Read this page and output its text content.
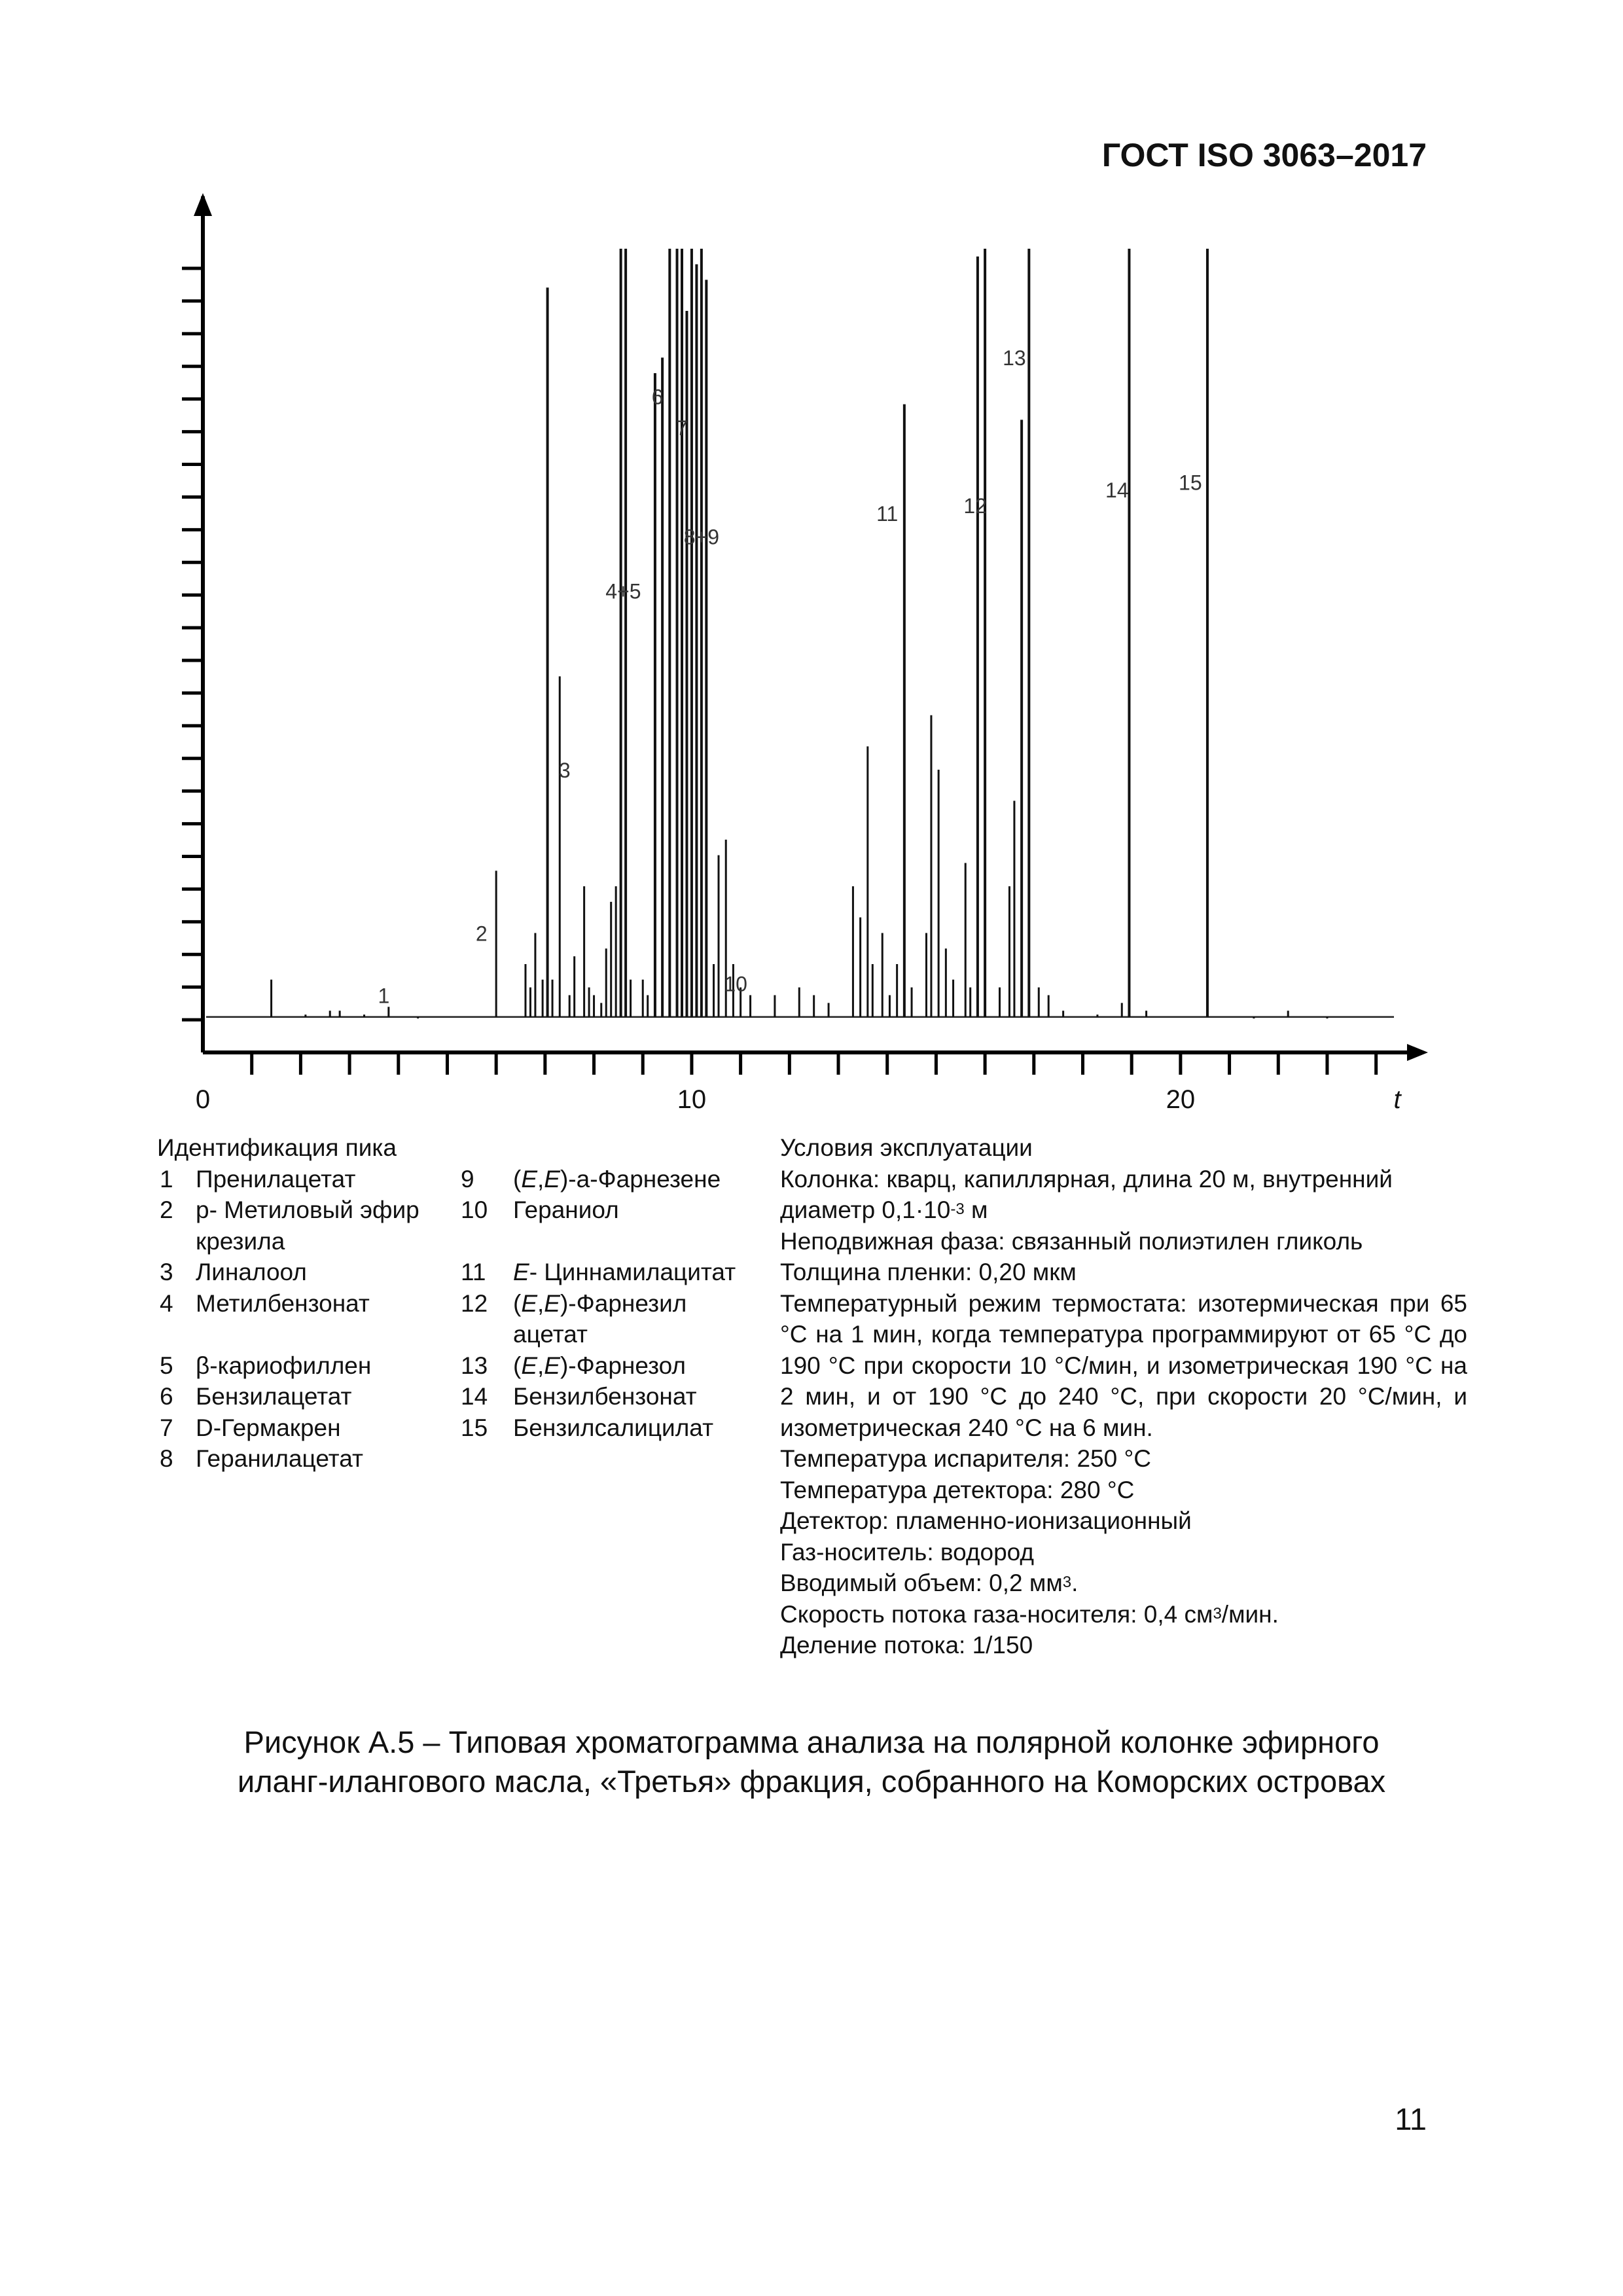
ГОСТ ISO 3063–2017
0	10	20	t
1
2
3
4+5
6
7
8+9
10
11	12
13
14 15
Идентификация пика
1	Пренилацетат	9	(E,E)-a-Фарнезене
2	р- Метиловый эфир	10	Гераниол
	крезила		
3	Линалоол	11	E- Циннамилацитат
4	Метилбензонат	12	(E,E)-Фарнезил
			ацетат
5	β-кариофиллен	13	(E,E)-Фарнезол
6	Бензилацетат	14	Бензилбензонат
7	D-Гермакрен	15	Бензилсалицилат
8	Геранилацетат		
Условия эксплуатации
Колонка: кварц, капиллярная, длина 20 м, внутренний
диаметр $0,1\cdot 10^{-3}$ м
Неподвижная фаза: связанный полиэтилен гликоль
Толщина пленки: 0,20 мкм
Температурный режим термостата: изотермическая при 65 °С на 1 мин, когда температура программируют от 65 °С до 190 °С при скорости 10 °С/мин, и изометрическая 190 °С на 2 мин, и от 190 °С до 240 °С, при скорости 20 °С/мин, и изометрическая 240 °С на 6 мин.
Температура испарителя: 250 °С
Температура детектора: 280 °С
Детектор: пламенно-ионизационный
Газ-носитель: водород
Вводимый объем: 0,2 $мм^3$.
Скорость потока газа-носителя: 0,4 $см^3$/мин.
Деление потока: 1/150
Рисунок А.5 – Типовая хроматограмма анализа на полярной колонке эфирного
иланг-илангового масла, «Третья» фракция, собранного на Коморских островах
11
